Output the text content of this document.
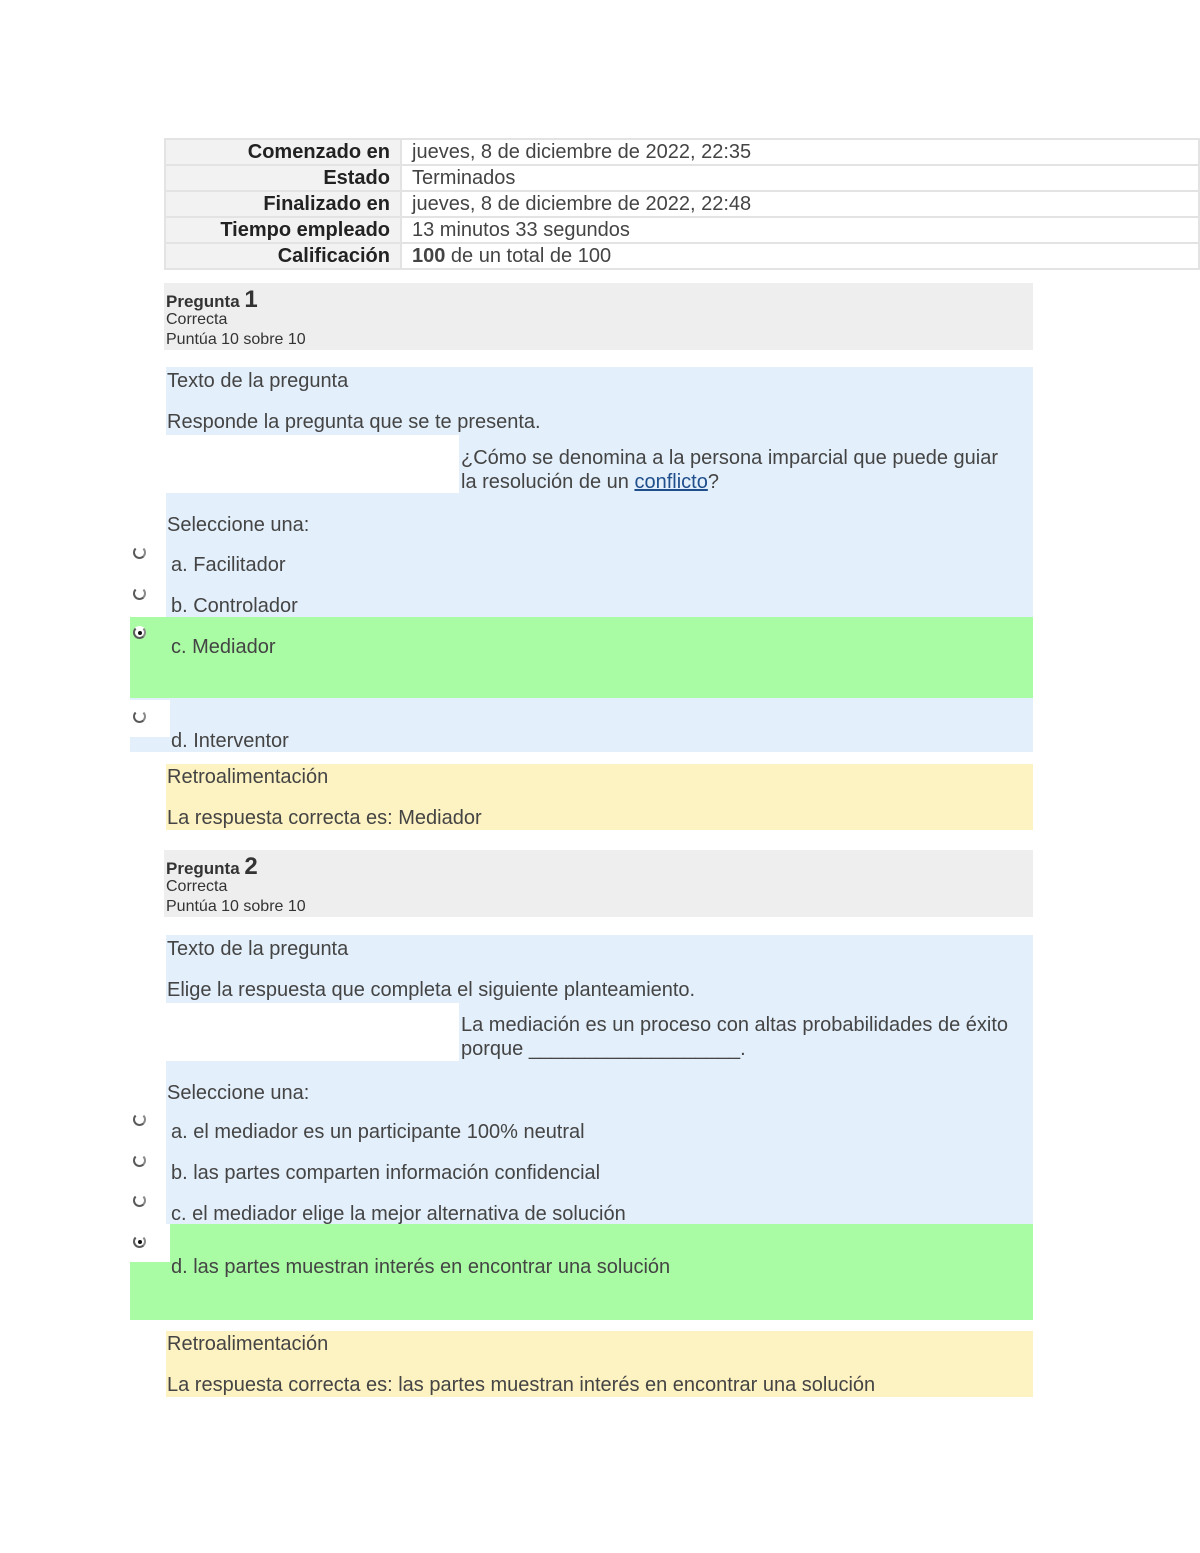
Comenzado en	jueves, 8 de diciembre de 2022, 22:35
Estado	Terminados
Finalizado en	jueves, 8 de diciembre de 2022, 22:48
Tiempo empleado	13 minutos 33 segundos
Calificación	100 de un total de 100
Pregunta 1
Correcta
Puntúa 10 sobre 10
Texto de la pregunta
Responde la pregunta que se te presenta.
¿Cómo se denomina a la persona imparcial que puede guiar
la resolución de un conflicto?
Seleccione una:
a. Facilitador
b. Controlador
c. Mediador
d. Interventor
Retroalimentación
La respuesta correcta es: Mediador
Pregunta 2
Correcta
Puntúa 10 sobre 10
Texto de la pregunta
Elige la respuesta que completa el siguiente planteamiento.
La mediación es un proceso con altas probabilidades de éxito
porque ___________________.
Seleccione una:
a. el mediador es un participante 100% neutral
b. las partes comparten información confidencial
c. el mediador elige la mejor alternativa de solución
d. las partes muestran interés en encontrar una solución
Retroalimentación
La respuesta correcta es: las partes muestran interés en encontrar una solución
